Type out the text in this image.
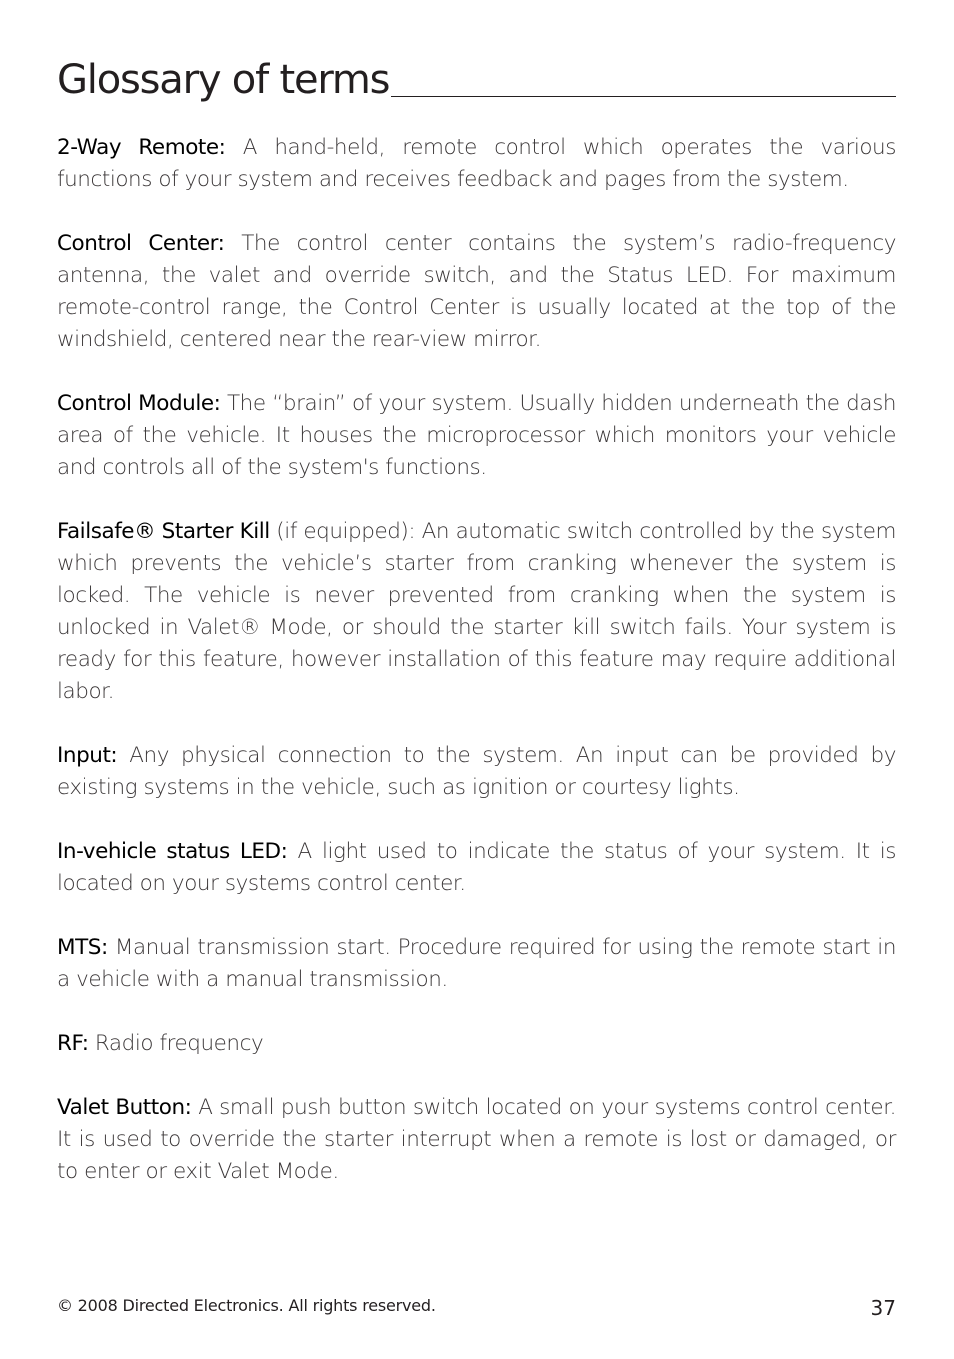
Glossary of terms

2-Way Remote: A hand-held, remote control which operates the various functions of your system and receives feedback and pages from the system.

Control Center: The control center contains the system’s radio-frequency antenna, the valet and override switch, and the Status LED. For maximum remote-control range, the Control Center is usually located at the top of the windshield, centered near the rear-view mirror.

Control Module: The “brain” of your system. Usually hidden underneath the dash area of the vehicle. It houses the microprocessor which monitors your vehicle and controls all of the system's functions.

Failsafe® Starter Kill (if equipped): An automatic switch controlled by the system which prevents the vehicle’s starter from cranking whenever the system is locked. The vehicle is never prevented from cranking when the system is unlocked in Valet® Mode, or should the starter kill switch fails. Your system is ready for this feature, however installation of this feature may require additional labor.

Input: Any physical connection to the system. An input can be provided by existing systems in the vehicle, such as ignition or courtesy lights.

In-vehicle status LED: A light used to indicate the status of your system. It is located on your systems control center.

MTS: Manual transmission start. Procedure required for using the remote start in a vehicle with a manual transmission.

RF: Radio frequency

Valet Button: A small push button switch located on your systems control center. It is used to override the starter interrupt when a remote is lost or damaged, or to enter or exit Valet Mode.

© 2008 Directed Electronics. All rights reserved.	37
